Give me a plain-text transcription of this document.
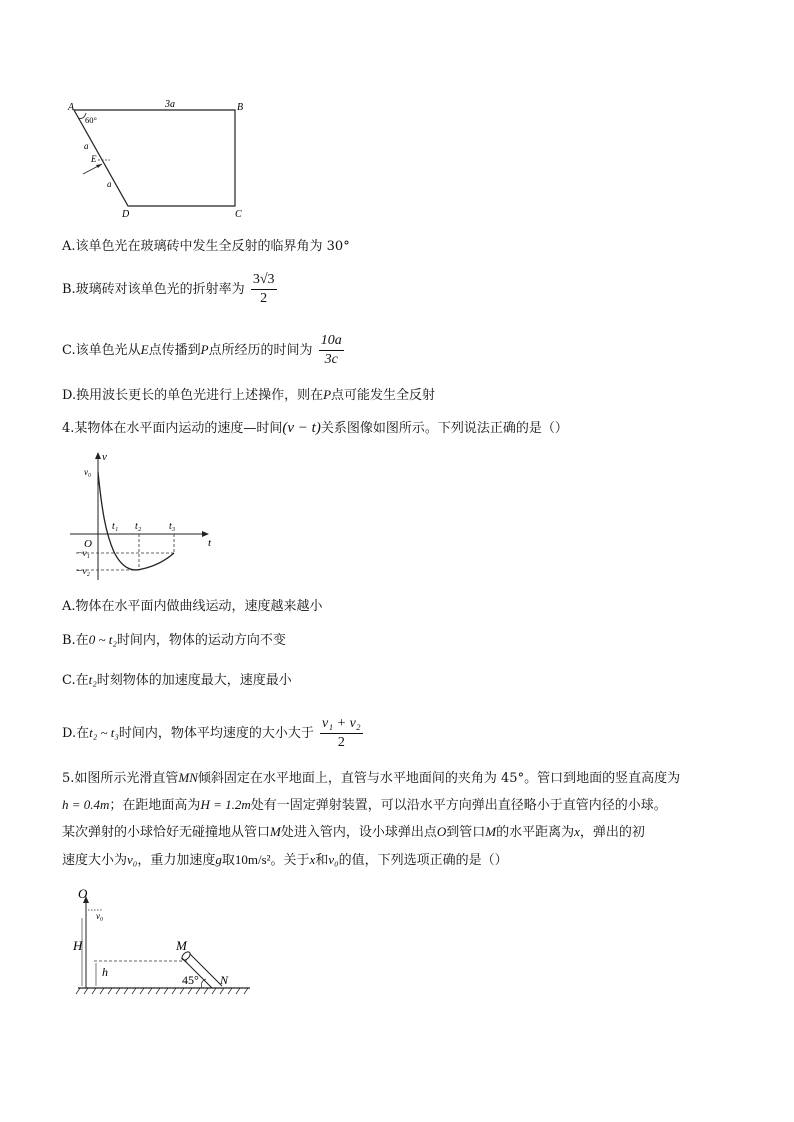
A	B
C
D
E
3a
60°
a
a
A.该单色光在玻璃砖中发生全反射的临界角为 30°
B.玻璃砖对该单色光的折射率为 $\frac{3√3}{2}$
C.该单色光从E点传播到P点所经历的时间为 $\frac{10a}{3c}$
D.换用波长更长的单色光进行上述操作，则在P点可能发生全反射
4.某物体在水平面内运动的速度—时间(v − t)关系图像如图所示。下列说法正确的是（）
v
t
O
v₀
t₁ t₂	t₃
−v₁
−v₂
A.物体在水平面内做曲线运动，速度越来越小
B.在0 ~ t₂时间内，物体的运动方向不变
C.在t₂时刻物体的加速度最大，速度最小
D.在t₂ ~ t₃时间内，物体平均速度的大小大于 $\frac{\text{v₁ + v₂}}{2}$
5.如图所示光滑直管MN倾斜固定在水平地面上，直管与水平地面间的夹角为 45°。管口到地面的竖直高度为
h = 0.4m；在距地面高为H = 1.2m处有一固定弹射装置，可以沿水平方向弹出直径略小于直管内径的小球。
某次弹射的小球恰好无碰撞地从管口M处进入管内，设小球弹出点O到管口M的水平距离为x，弹出的初
速度大小为v₀，重力加速度g取10m/s²。关于x和v₀的值，下列选项正确的是（）
O
v₀
H
h
M
N
45°
